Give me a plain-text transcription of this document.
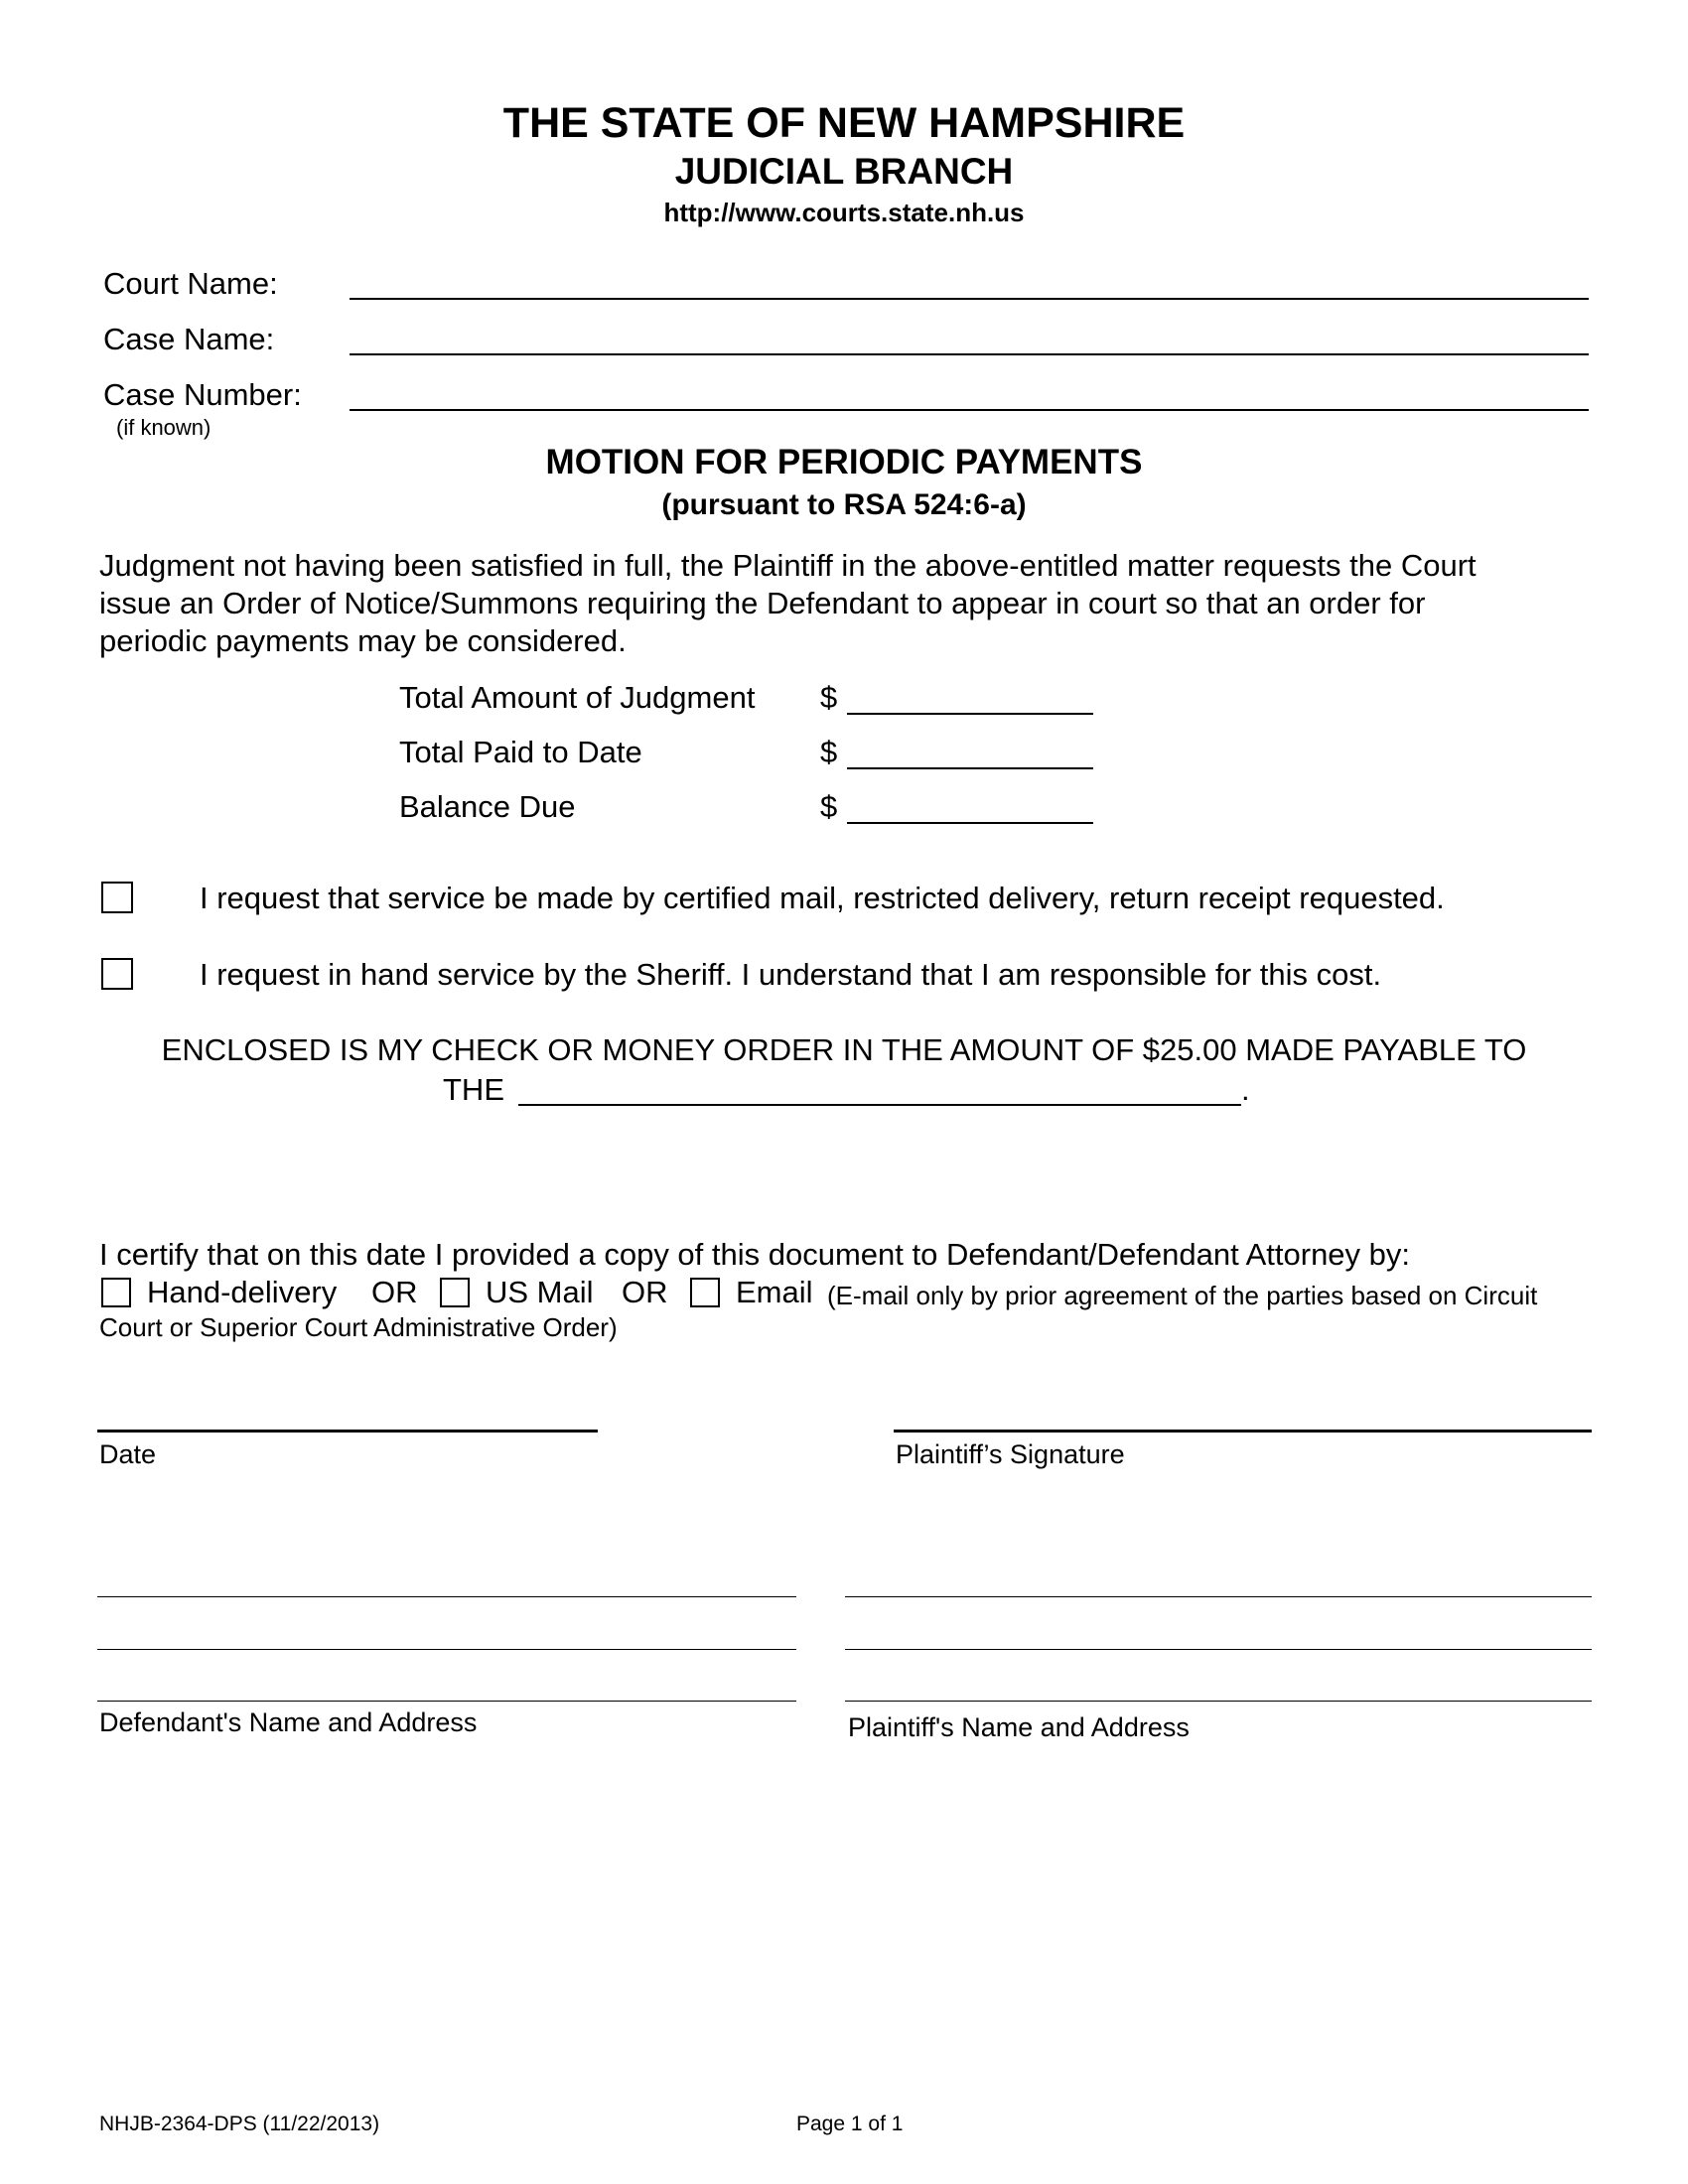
THE STATE OF NEW HAMPSHIRE
JUDICIAL BRANCH
http://www.courts.state.nh.us
Court Name:
Case Name:
Case Number:
(if known)
MOTION FOR PERIODIC PAYMENTS
(pursuant to RSA 524:6-a)
Judgment not having been satisfied in full, the Plaintiff in the above-entitled matter requests the Court
issue an Order of Notice/Summons requiring the Defendant to appear in court so that an order for
periodic payments may be considered.
Total Amount of Judgment $
Total Paid to Date	$
Balance Due	$
I request that service be made by certified mail, restricted delivery, return receipt requested.
I request in hand service by the Sheriff. I understand that I am responsible for this cost.
ENCLOSED IS MY CHECK OR MONEY ORDER IN THE AMOUNT OF $25.00 MADE PAYABLE TO
THE	.
I certify that on this date I provided a copy of this document to Defendant/Defendant Attorney by:
Hand-delivery OR US Mail OR Email (E-mail only by prior agreement of the parties based on Circuit
Court or Superior Court Administrative Order)
Date	Plaintiff’s Signature
Defendant's Name and Address	Plaintiff's Name and Address
NHJB-2364-DPS (11/22/2013)	Page 1 of 1
